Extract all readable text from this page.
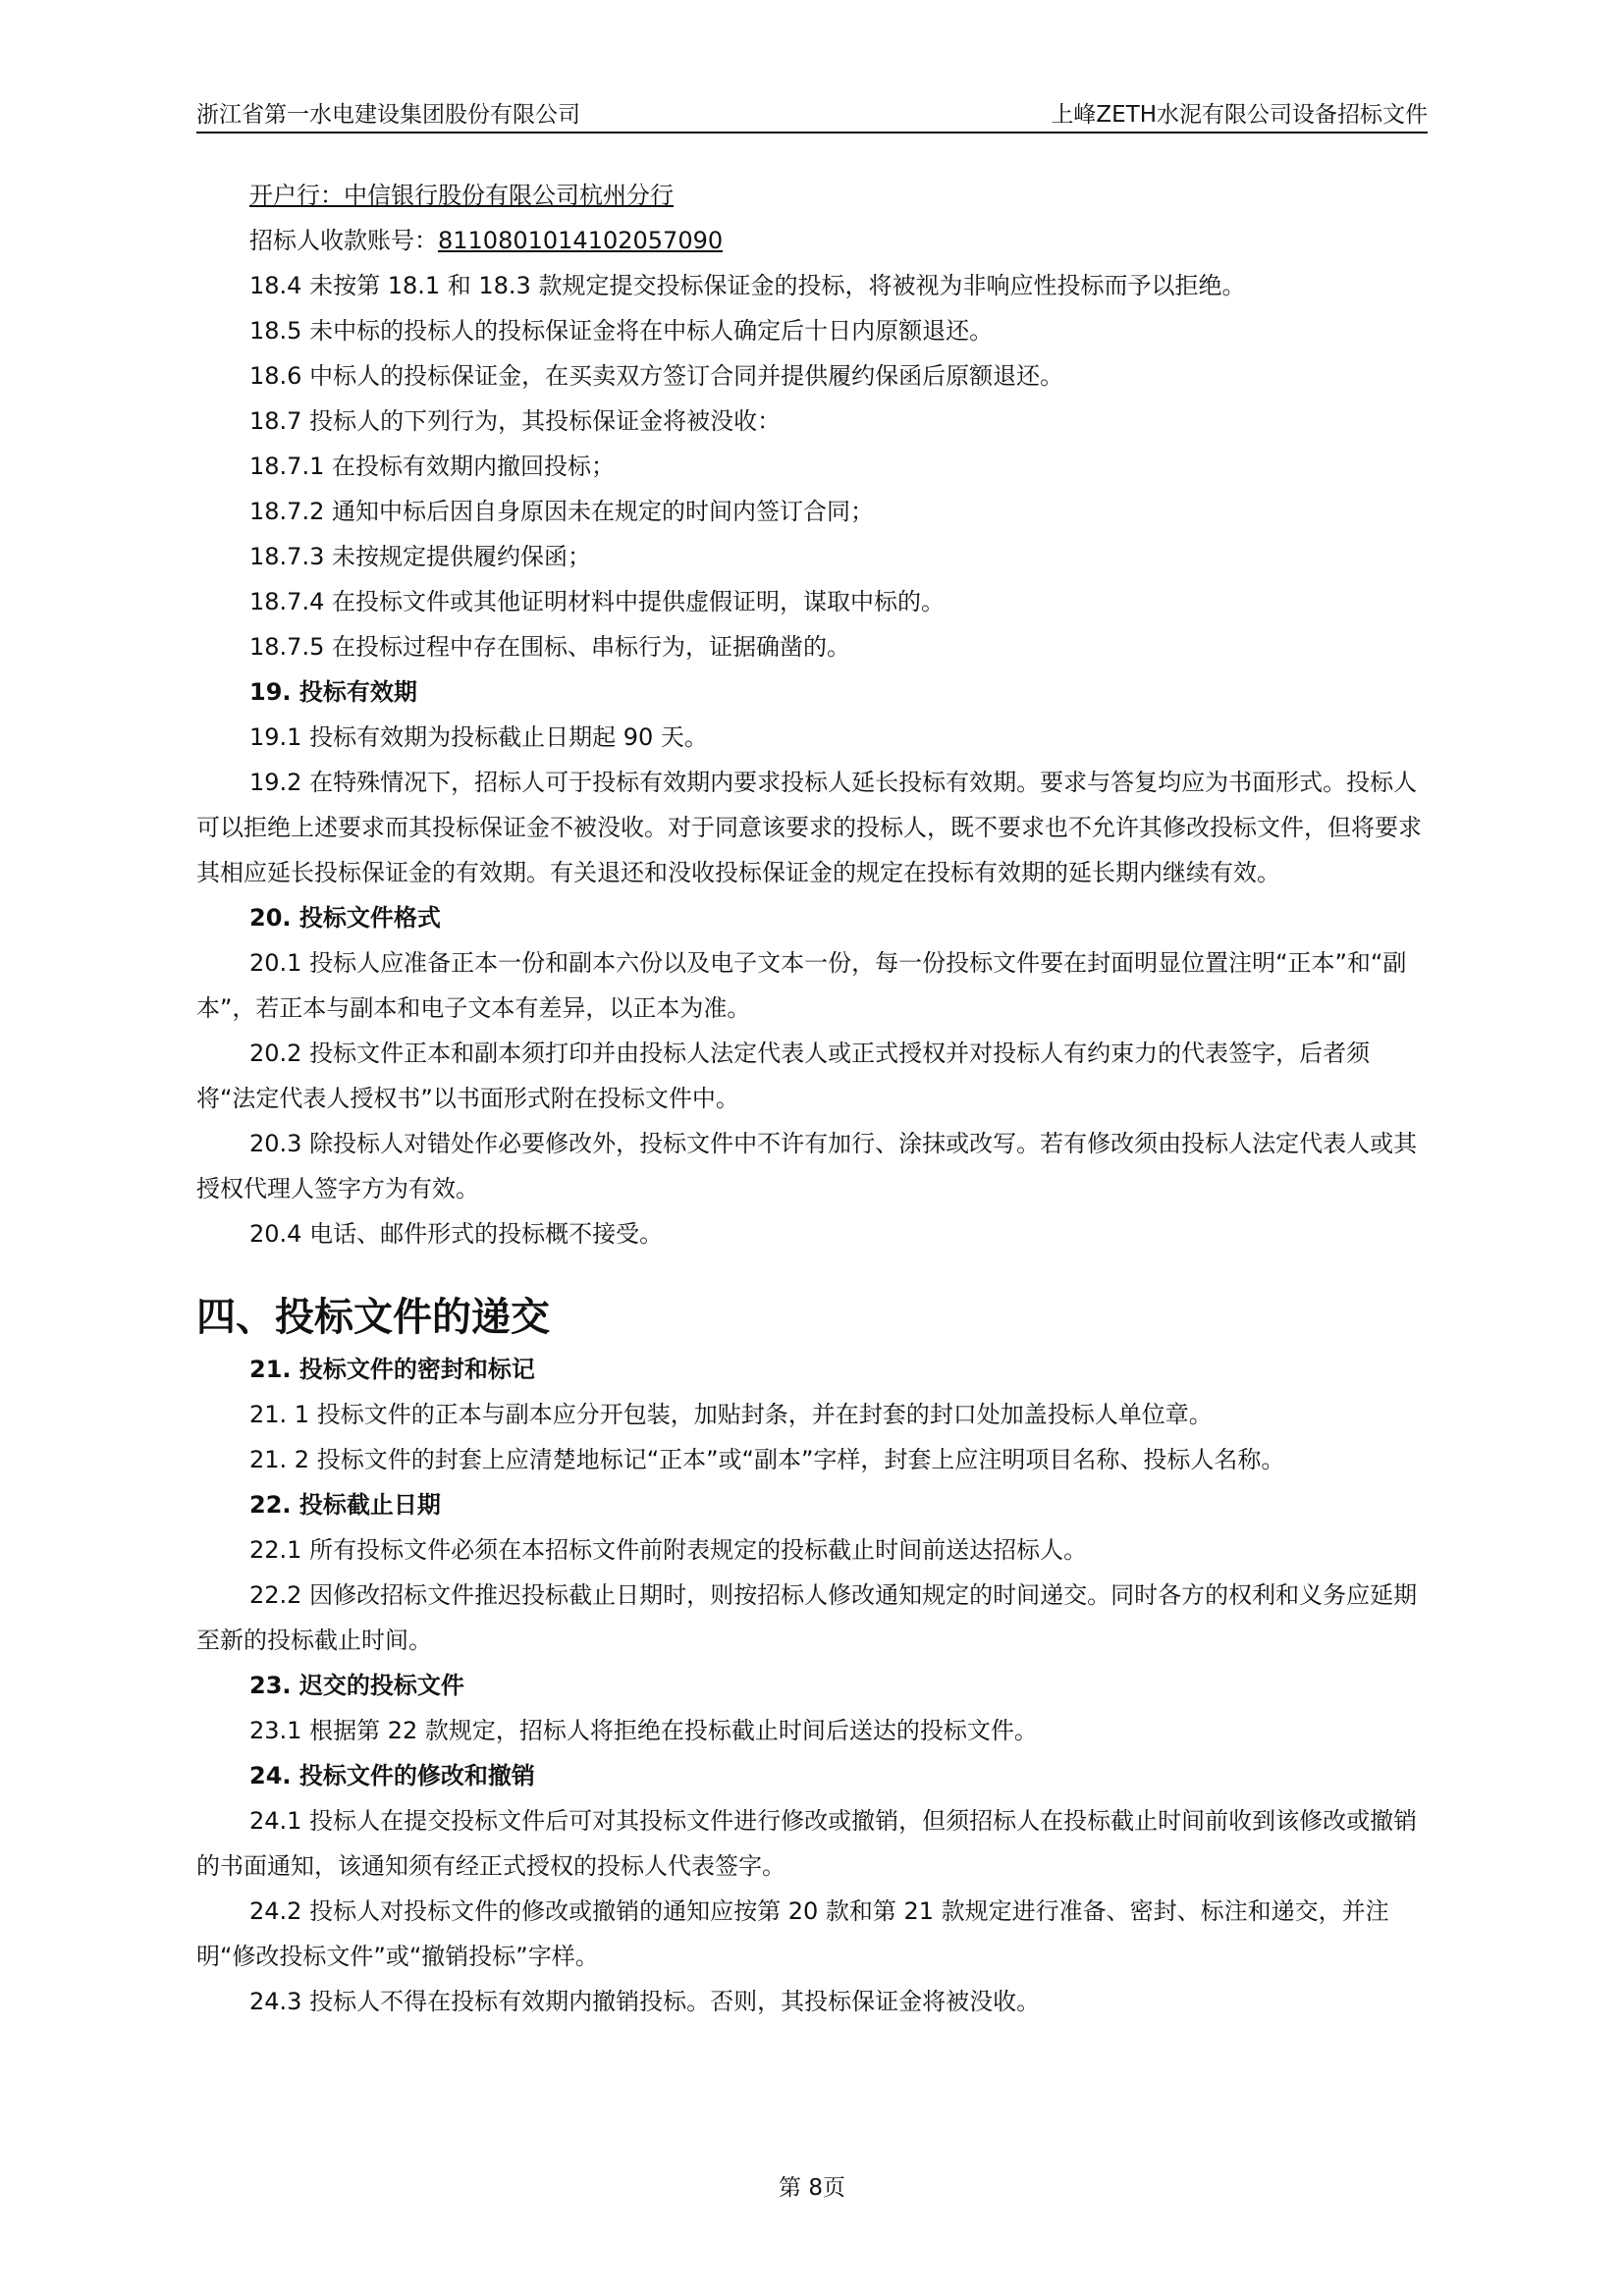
浙江省第一水电建设集团股份有限公司	上峰ZETH水泥有限公司设备招标文件

开户行：中信银行股份有限公司杭州分行

招标人收款账号：8110801014102057090

18.4 未按第 18.1 和 18.3 款规定提交投标保证金的投标，将被视为非响应性投标而予以拒绝。

18.5 未中标的投标人的投标保证金将在中标人确定后十日内原额退还。

18.6 中标人的投标保证金，在买卖双方签订合同并提供履约保函后原额退还。

18.7 投标人的下列行为，其投标保证金将被没收：

18.7.1 在投标有效期内撤回投标；

18.7.2 通知中标后因自身原因未在规定的时间内签订合同；

18.7.3 未按规定提供履约保函；

18.7.4 在投标文件或其他证明材料中提供虚假证明，谋取中标的。

18.7.5 在投标过程中存在围标、串标行为，证据确凿的。

19. 投标有效期

19.1 投标有效期为投标截止日期起 90 天。

19.2 在特殊情况下，招标人可于投标有效期内要求投标人延长投标有效期。要求与答复均应为书面形式。投标人可以拒绝上述要求而其投标保证金不被没收。对于同意该要求的投标人，既不要求也不允许其修改投标文件，但将要求其相应延长投标保证金的有效期。有关退还和没收投标保证金的规定在投标有效期的延长期内继续有效。

20. 投标文件格式

20.1 投标人应准备正本一份和副本六份以及电子文本一份，每一份投标文件要在封面明显位置注明“正本”和“副本”，若正本与副本和电子文本有差异，以正本为准。

20.2 投标文件正本和副本须打印并由投标人法定代表人或正式授权并对投标人有约束力的代表签字，后者须将“法定代表人授权书”以书面形式附在投标文件中。

20.3 除投标人对错处作必要修改外，投标文件中不许有加行、涂抹或改写。若有修改须由投标人法定代表人或其授权代理人签字方为有效。

20.4 电话、邮件形式的投标概不接受。

四、投标文件的递交

21. 投标文件的密封和标记

21. 1 投标文件的正本与副本应分开包装，加贴封条，并在封套的封口处加盖投标人单位章。

21. 2 投标文件的封套上应清楚地标记“正本”或“副本”字样，封套上应注明项目名称、投标人名称。

22. 投标截止日期

22.1 所有投标文件必须在本招标文件前附表规定的投标截止时间前送达招标人。

22.2 因修改招标文件推迟投标截止日期时，则按招标人修改通知规定的时间递交。同时各方的权利和义务应延期至新的投标截止时间。

23. 迟交的投标文件

23.1 根据第 22 款规定，招标人将拒绝在投标截止时间后送达的投标文件。

24. 投标文件的修改和撤销

24.1 投标人在提交投标文件后可对其投标文件进行修改或撤销，但须招标人在投标截止时间前收到该修改或撤销的书面通知，该通知须有经正式授权的投标人代表签字。

24.2 投标人对投标文件的修改或撤销的通知应按第 20 款和第 21 款规定进行准备、密封、标注和递交，并注明“修改投标文件”或“撤销投标”字样。

24.3 投标人不得在投标有效期内撤销投标。否则，其投标保证金将被没收。

第 8页
